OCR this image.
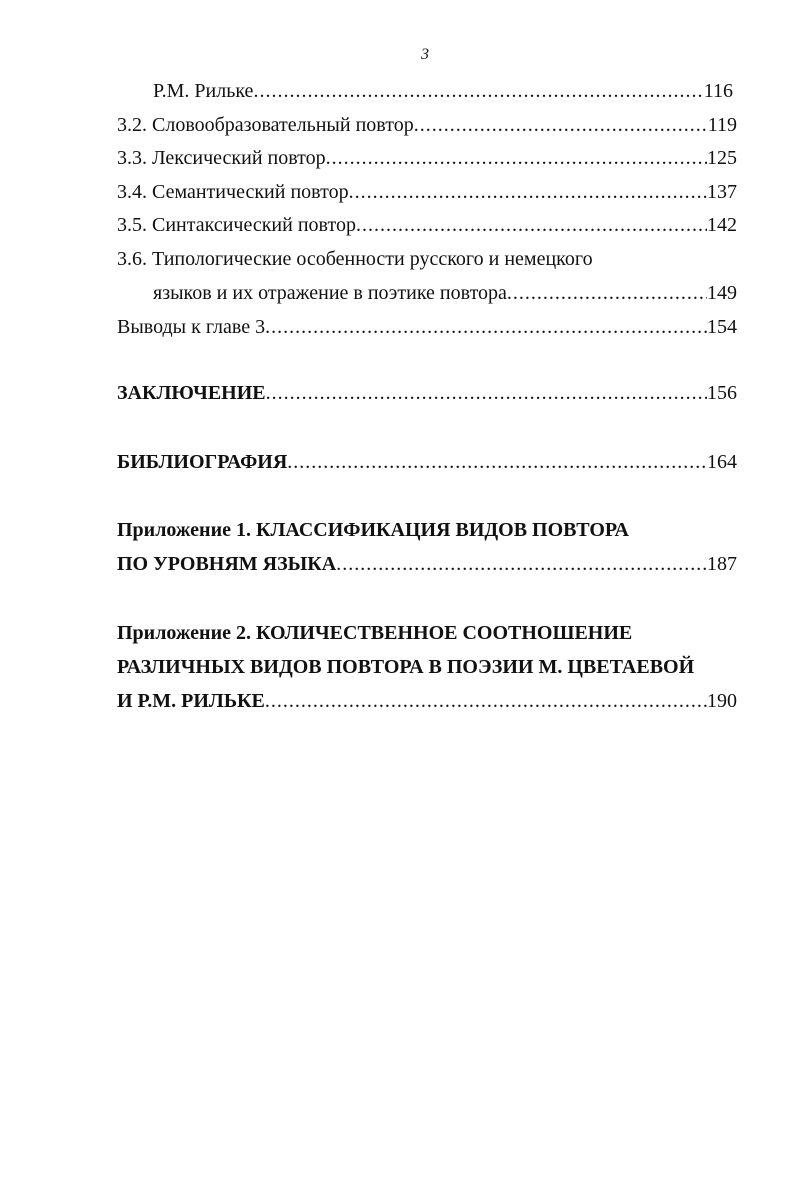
3
Р.М. Рильке .....	116
3.2. Словообразовательный повтор .....	119
3.3. Лексический повтор .....	125
3.4. Семантический повтор .....	137
3.5. Синтаксический повтор .....	142
3.6. Типологические особенности русского и немецкого
языков и их отражение в поэтике повтора .....	149
Выводы к главе 3 .....	154
ЗАКЛЮЧЕНИЕ .....	156
БИБЛИОГРАФИЯ .....	164
Приложение 1. КЛАССИФИКАЦИЯ ВИДОВ ПОВТОРА
ПО УРОВНЯМ ЯЗЫКА .....	187
Приложение 2. КОЛИЧЕСТВЕННОЕ СООТНОШЕНИЕ
РАЗЛИЧНЫХ ВИДОВ ПОВТОРА В ПОЭЗИИ М. ЦВЕТАЕВОЙ
И Р.М. РИЛЬКЕ .....	190
